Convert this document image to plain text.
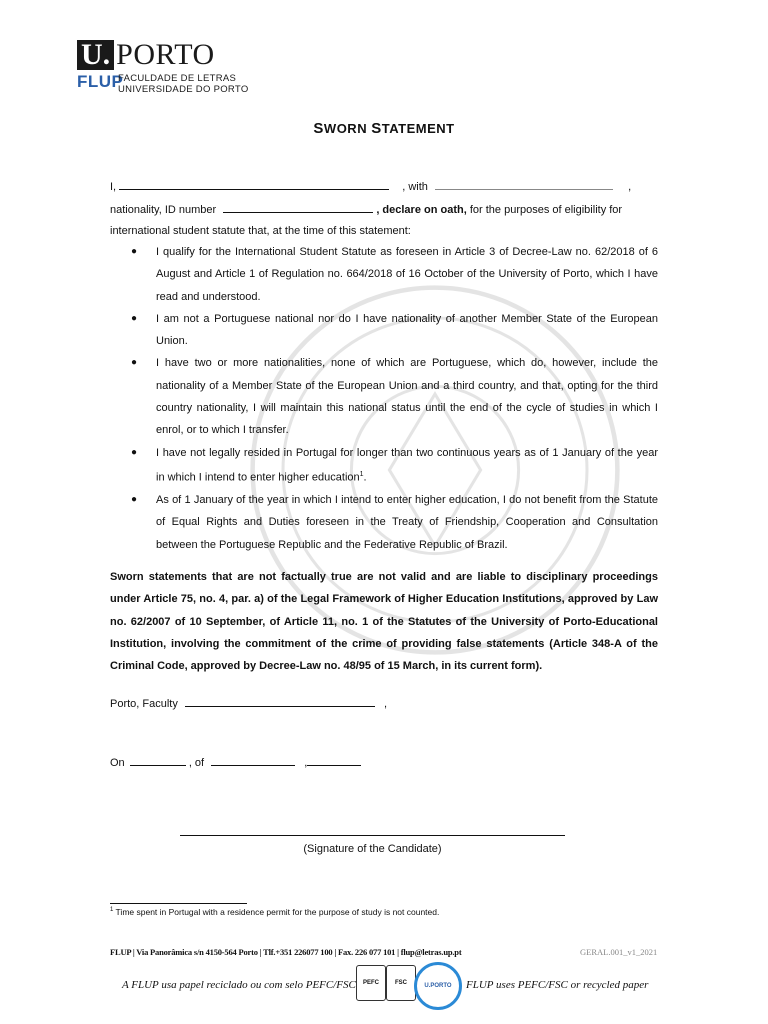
U. PORTO
FLUP
FACULDADE DE LETRAS
UNIVERSIDADE DO PORTO
SWORN STATEMENT
I,	, with	,
nationality, ID number	, declare on oath, for the purposes of eligibility for
international student statute that, at the time of this statement:
● I qualify for the International Student Statute as foreseen in Article 3 of Decree-Law no. 62/2018 of 6 August and Article 1 of Regulation no. 664/2018 of 16 October of the University of Porto, which I have read and understood.
● I am not a Portuguese national nor do I have nationality of another Member State of the European Union.
● I have two or more nationalities, none of which are Portuguese, which do, however, include the nationality of a Member State of the European Union and a third country, and that, opting for the third country nationality, I will maintain this national status until the end of the cycle of studies in which I enrol, or to which I transfer.
● I have not legally resided in Portugal for longer than two continuous years as of 1 January of the year in which I intend to enter higher education$^1$.
● As of 1 January of the year in which I intend to enter higher education, I do not benefit from the Statute of Equal Rights and Duties foreseen in the Treaty of Friendship, Cooperation and Consultation between the Portuguese Republic and the Federative Republic of Brazil.
Sworn statements that are not factually true are not valid and are liable to disciplinary proceedings under Article 75, no. 4, par. a) of the Legal Framework of Higher Education Institutions, approved by Law no. 62/2007 of 10 September, of Article 11, no. 1 of the Statutes of the University of Porto-Educational Institution, involving the commitment of the crime of providing false statements (Article 348-A of the Criminal Code, approved by Decree-Law no. 48/95 of 15 March, in its current form).
Porto, Faculty	,
On	, of	,
(Signature of the Candidate)
$^1$ Time spent in Portugal with a residence permit for the purpose of study is not counted.
FLUP | Via Panorâmica s/n 4150-564 Porto | Tlf.+351 226077 100 | Fax. 226 077 101 | flup@letras.up.pt	GERAL.001_v1_2021
A FLUP usa papel reciclado ou com selo PEFC/FSC	PEFC	FSC	U.PORTO	FLUP uses PEFC/FSC or recycled paper
